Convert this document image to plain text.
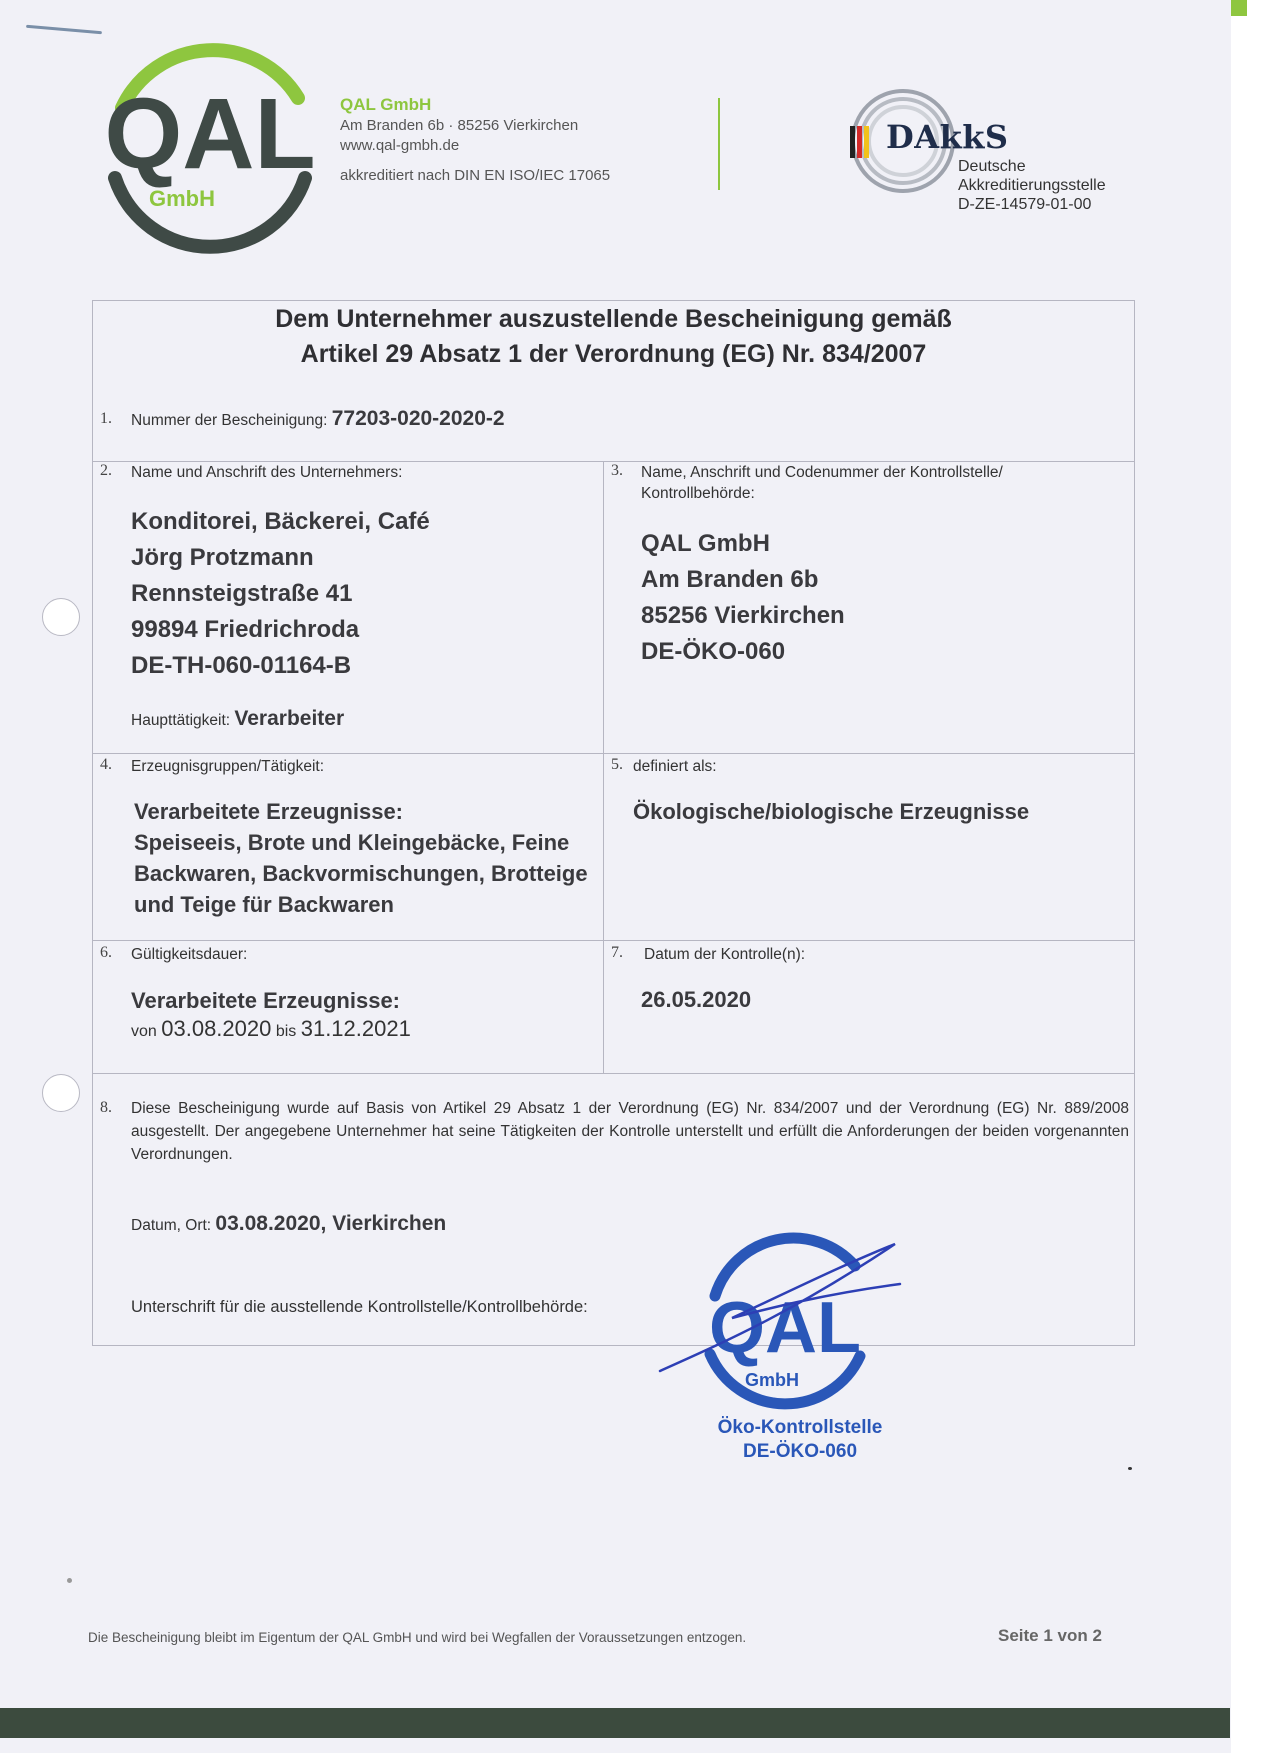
QAL
GmbH
QAL GmbH
Am Branden 6b · 85256 Vierkirchen
www.qal-gmbh.de
akkreditiert nach DIN EN ISO/IEC 17065
DAkkS
Deutsche
Akkreditierungsstelle
D-ZE-14579-01-00
Dem Unternehmer auszustellende Bescheinigung gemäß
Artikel 29 Absatz 1 der Verordnung (EG) Nr. 834/2007
1. Nummer der Bescheinigung: 77203-020-2020-2
2. Name und Anschrift des Unternehmers:
Konditorei, Bäckerei, Café
Jörg Protzmann
Rennsteigstraße 41
99894 Friedrichroda
DE-TH-060-01164-B
Haupttätigkeit: Verarbeiter
3. Name, Anschrift und Codenummer der Kontrollstelle/
Kontrollbehörde:
QAL GmbH
Am Branden 6b
85256 Vierkirchen
DE-ÖKO-060
4. Erzeugnisgruppen/Tätigkeit:
Verarbeitete Erzeugnisse:
Speiseeis, Brote und Kleingebäcke, Feine
Backwaren, Backvormischungen, Brotteige
und Teige für Backwaren
5. definiert als:
Ökologische/biologische Erzeugnisse
6. Gültigkeitsdauer:
Verarbeitete Erzeugnisse:
von 03.08.2020 bis 31.12.2021
7. Datum der Kontrolle(n):
26.05.2020
8. Diese Bescheinigung wurde auf Basis von Artikel 29 Absatz 1 der Verordnung (EG) Nr. 834/2007 und der Verordnung (EG) Nr. 889/2008 ausgestellt. Der angegebene Unternehmer hat seine Tätigkeiten der Kontrolle unterstellt und erfüllt die Anforderungen der beiden vorgenannten Verordnungen.
Datum, Ort: 03.08.2020, Vierkirchen
Unterschrift für die ausstellende Kontrollstelle/Kontrollbehörde: QAL
GmbH
Öko-Kontrollstelle
DE-ÖKO-060
Die Bescheinigung bleibt im Eigentum der QAL GmbH und wird bei Wegfallen der Voraussetzungen entzogen.	Seite 1 von 2
